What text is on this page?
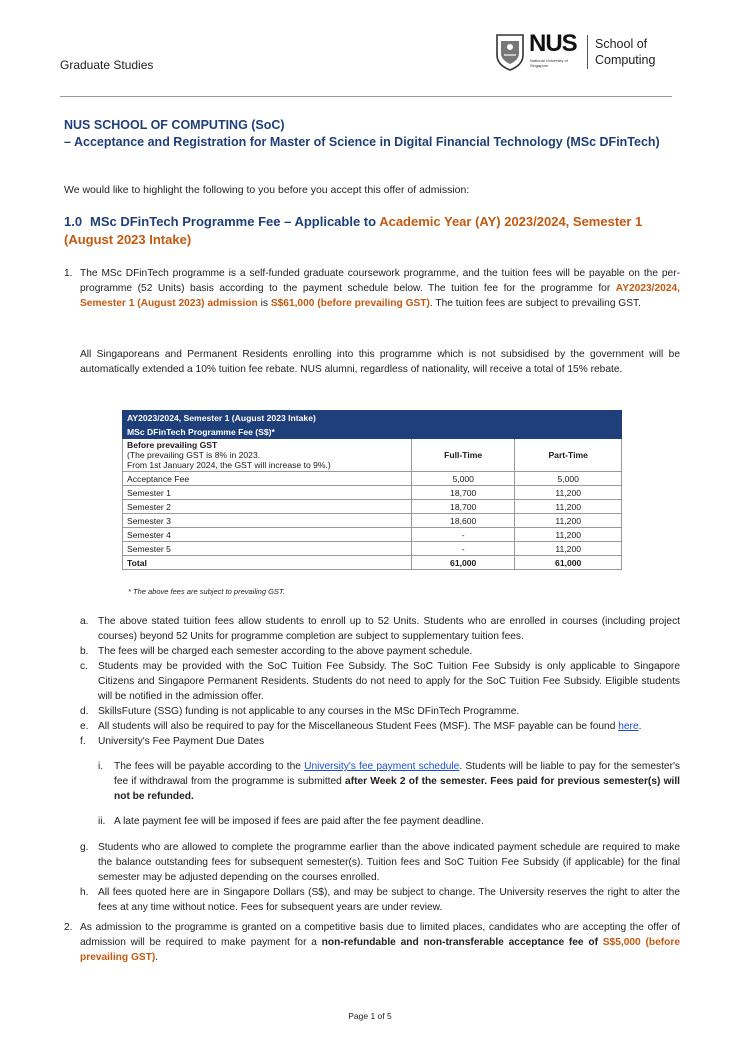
Graduate Studies
NUS
National University of Singapore
School of
Computing
NUS SCHOOL OF COMPUTING (SoC)
– Acceptance and Registration for Master of Science in Digital Financial Technology (MSc DFinTech)
We would like to highlight the following to you before you accept this offer of admission:
1.0 MSc DFinTech Programme Fee – Applicable to Academic Year (AY) 2023/2024, Semester 1 (August 2023 Intake)
1. The MSc DFinTech programme is a self-funded graduate coursework programme, and the tuition fees will be payable on the per-programme (52 Units) basis according to the payment schedule below. The tuition fee for the programme for AY2023/2024, Semester 1 (August 2023) admission is S$61,000 (before prevailing GST). The tuition fees are subject to prevailing GST.
All Singaporeans and Permanent Residents enrolling into this programme which is not subsidised by the government will be automatically extended a 10% tuition fee rebate. NUS alumni, regardless of nationality, will receive a total of 15% rebate.
AY2023/2024, Semester 1 (August 2023 Intake)		
MSc DFinTech Programme Fee (S$)*		

Before prevailing GST
(The prevailing GST is 8% in 2023.
From 1st January 2024, the GST will increase to 9%.)	Full-Time	Part-Time
Acceptance Fee	5,000	5,000
Semester 1	18,700	11,200
Semester 2	18,700	11,200
Semester 3	18,600	11,200
Semester 4	-	11,200
Semester 5	-	11,200
Total	61,000	61,000
* The above fees are subject to prevailing GST.

a. The above stated tuition fees allow students to enroll up to 52 Units. Students who are enrolled in courses (including project courses) beyond 52 Units for programme completion are subject to supplementary tuition fees.

b. The fees will be charged each semester according to the above payment schedule.

c. Students may be provided with the SoC Tuition Fee Subsidy. The SoC Tuition Fee Subsidy is only applicable to Singapore Citizens and Singapore Permanent Residents. Students do not need to apply for the SoC Tuition Fee Subsidy. Eligible students will be notified in the admission offer.

d. SkillsFuture (SSG) funding is not applicable to any courses in the MSc DFinTech Programme.

e. All students will also be required to pay for the Miscellaneous Student Fees (MSF). The MSF payable can be found here.

f. University's Fee Payment Due Dates

i. The fees will be payable according to the University's fee payment schedule. Students will be liable to pay for the semester's fee if withdrawal from the programme is submitted after Week 2 of the semester. Fees paid for previous semester(s) will not be refunded.

ii. A late payment fee will be imposed if fees are paid after the fee payment deadline.

g. Students who are allowed to complete the programme earlier than the above indicated payment schedule are required to make the balance outstanding fees for subsequent semester(s). Tuition fees and SoC Tuition Fee Subsidy (if applicable) for the final semester may be adjusted depending on the courses enrolled.

h. All fees quoted here are in Singapore Dollars (S$), and may be subject to change. The University reserves the right to alter the fees at any time without notice. Fees for subsequent years are under review.

2. As admission to the programme is granted on a competitive basis due to limited places, candidates who are accepting the offer of admission will be required to make payment for a non-refundable and non-transferable acceptance fee of S$5,000 (before prevailing GST).
Page 1 of 5
